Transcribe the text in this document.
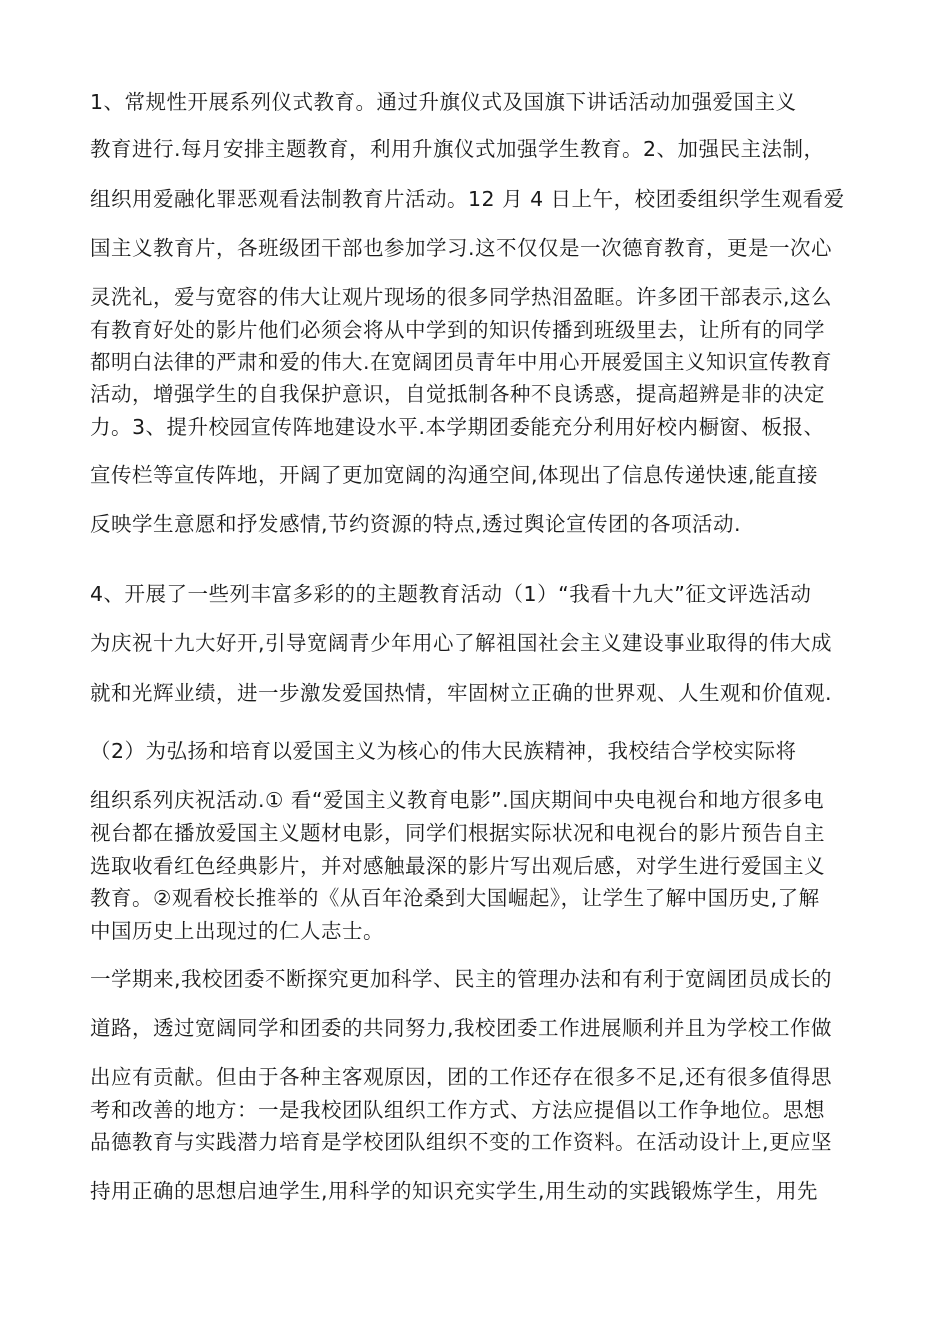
1、常规性开展系列仪式教育。通过升旗仪式及国旗下讲话活动加强爱国主义

教育进行.每月安排主题教育，利用升旗仪式加强学生教育。2、加强民主法制，

组织用爱融化罪恶观看法制教育片活动。12 月 4 日上午，校团委组织学生观看爱

国主义教育片，各班级团干部也参加学习.这不仅仅是一次德育教育，更是一次心

灵洗礼，爱与宽容的伟大让观片现场的很多同学热泪盈眶。许多团干部表示,这么

有教育好处的影片他们必须会将从中学到的知识传播到班级里去，让所有的同学

都明白法律的严肃和爱的伟大.在宽阔团员青年中用心开展爱国主义知识宣传教育

活动，增强学生的自我保护意识，自觉抵制各种不良诱惑，提高超辨是非的决定

力。3、提升校园宣传阵地建设水平.本学期团委能充分利用好校内橱窗、板报、

宣传栏等宣传阵地，开阔了更加宽阔的沟通空间,体现出了信息传递快速,能直接

反映学生意愿和抒发感情,节约资源的特点,透过舆论宣传团的各项活动.

4、开展了一些列丰富多彩的的主题教育活动（1）“我看十九大”征文评选活动

为庆祝十九大好开,引导宽阔青少年用心了解祖国社会主义建设事业取得的伟大成

就和光辉业绩，进一步激发爱国热情，牢固树立正确的世界观、人生观和价值观.

（2）为弘扬和培育以爱国主义为核心的伟大民族精神，我校结合学校实际将

组织系列庆祝活动.① 看“爱国主义教育电影”.国庆期间中央电视台和地方很多电

视台都在播放爱国主义题材电影，同学们根据实际状况和电视台的影片预告自主

选取收看红色经典影片，并对感触最深的影片写出观后感，对学生进行爱国主义

教育。②观看校长推举的《从百年沧桑到大国崛起》，让学生了解中国历史,了解

中国历史上出现过的仁人志士。

一学期来,我校团委不断探究更加科学、民主的管理办法和有利于宽阔团员成长的

道路，透过宽阔同学和团委的共同努力,我校团委工作进展顺利并且为学校工作做

出应有贡献。但由于各种主客观原因，团的工作还存在很多不足,还有很多值得思

考和改善的地方：一是我校团队组织工作方式、方法应提倡以工作争地位。思想

品德教育与实践潜力培育是学校团队组织不变的工作资料。在活动设计上,更应坚

持用正确的思想启迪学生,用科学的知识充实学生,用生动的实践锻炼学生，用先
